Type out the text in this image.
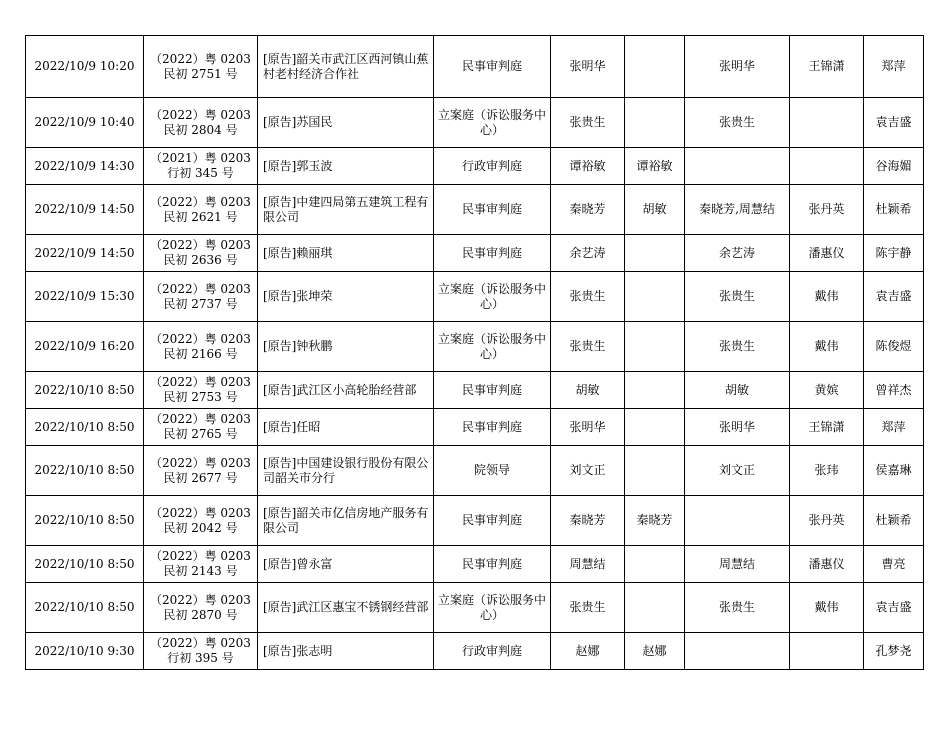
2022/10/9 10:20	（2022）粤 0203 民初 2751 号	[原告]韶关市武江区西河镇山蕉村老村经济合作社	民事审判庭	张明华		张明华	王锦潇	郑萍
2022/10/9 10:40	（2022）粤 0203 民初 2804 号	[原告]苏国民	立案庭（诉讼服务中心）	张贵生		张贵生		袁吉盛
2022/10/9 14:30	（2021）粤 0203 行初 345 号	[原告]郭玉波	行政审判庭	谭裕敏	谭裕敏			谷海媚
2022/10/9 14:50	（2022）粤 0203 民初 2621 号	[原告]中建四局第五建筑工程有限公司	民事审判庭	秦晓芳	胡敏	秦晓芳,周慧结	张丹英	杜颖希
2022/10/9 14:50	（2022）粤 0203 民初 2636 号	[原告]赖丽琪	民事审判庭	余艺涛		余艺涛	潘惠仪	陈宇静
2022/10/9 15:30	（2022）粤 0203 民初 2737 号	[原告]张坤荣	立案庭（诉讼服务中心）	张贵生		张贵生	戴伟	袁吉盛
2022/10/9 16:20	（2022）粤 0203 民初 2166 号	[原告]钟秋鹏	立案庭（诉讼服务中心）	张贵生		张贵生	戴伟	陈俊煜
2022/10/10 8:50	（2022）粤 0203 民初 2753 号	[原告]武江区小高轮胎经营部	民事审判庭	胡敏		胡敏	黄嫔	曾祥杰
2022/10/10 8:50	（2022）粤 0203 民初 2765 号	[原告]任昭	民事审判庭	张明华		张明华	王锦潇	郑萍
2022/10/10 8:50	（2022）粤 0203 民初 2677 号	[原告]中国建设银行股份有限公司韶关市分行	院领导	刘文正		刘文正	张玮	侯嘉琳
2022/10/10 8:50	（2022）粤 0203 民初 2042 号	[原告]韶关市亿信房地产服务有限公司	民事审判庭	秦晓芳	秦晓芳		张丹英	杜颖希
2022/10/10 8:50	（2022）粤 0203 民初 2143 号	[原告]曾永富	民事审判庭	周慧结		周慧结	潘惠仪	曹亮
2022/10/10 8:50	（2022）粤 0203 民初 2870 号	[原告]武江区惠宝不锈钢经营部	立案庭（诉讼服务中心）	张贵生		张贵生	戴伟	袁吉盛
2022/10/10 9:30	（2022）粤 0203 行初 395 号	[原告]张志明	行政审判庭	赵娜	赵娜			孔梦尧
